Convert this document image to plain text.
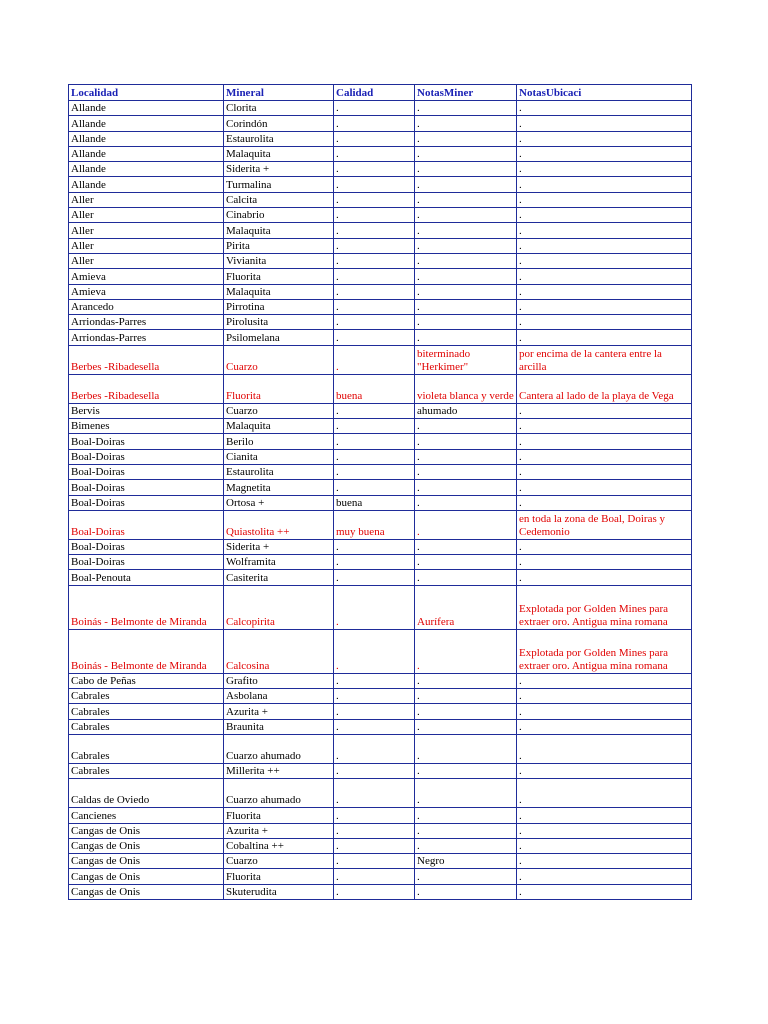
Localidad	Mineral	Calidad	NotasMiner	NotasUbicaci
Allande	Clorita	.	.	.
Allande	Corindón	.	.	.
Allande	Estaurolita	.	.	.
Allande	Malaquita	.	.	.
Allande	Siderita +	.	.	.
Allande	Turmalina	.	.	.
Aller	Calcita	.	.	.
Aller	Cinabrio	.	.	.
Aller	Malaquita	.	.	.
Aller	Pirita	.	.	.
Aller	Vivianita	.	.	.
Amieva	Fluorita	.	.	.
Amieva	Malaquita	.	.	.
Arancedo	Pirrotina	.	.	.
Arriondas-Parres	Pirolusita	.	.	.
Arriondas-Parres	Psilomelana	.	.	.
Berbes -Ribadesella	Cuarzo	.	biterminado "Herkimer"	por encima de la cantera entre la arcilla
Berbes -Ribadesella	Fluorita	buena	violeta blanca y verde	Cantera al lado de la playa de Vega
Bervis	Cuarzo	.	ahumado	.
Bimenes	Malaquita	.	.	.
Boal-Doiras	Berilo	.	.	.
Boal-Doiras	Cianita	.	.	.
Boal-Doiras	Estaurolita	.	.	.
Boal-Doiras	Magnetita	.	.	.
Boal-Doiras	Ortosa +	buena	.	.
Boal-Doiras	Quiastolita ++	muy buena	.	en toda la zona de Boal, Doiras y Cedemonio
Boal-Doiras	Siderita +	.	.	.
Boal-Doiras	Wolframita	.	.	.
Boal-Penouta	Casiterita	.	.	.
Boinás - Belmonte de Miranda	Calcopirita	.	Aurífera	Explotada por Golden Mines para extraer oro. Antigua mina romana
Boinás - Belmonte de Miranda	Calcosina	.	.	Explotada por Golden Mines para extraer oro. Antigua mina romana
Cabo de Peñas	Grafito	.	.	.
Cabrales	Asbolana	.	.	.
Cabrales	Azurita +	.	.	.
Cabrales	Braunita	.	.	.
Cabrales	Cuarzo ahumado	.	.	.
Cabrales	Millerita ++	.	.	.
Caldas de Oviedo	Cuarzo ahumado	.	.	.
Cancienes	Fluorita	.	.	.
Cangas de Onis	Azurita +	.	.	.
Cangas de Onis	Cobaltina ++	.	.	.
Cangas de Onis	Cuarzo	.	Negro	.
Cangas de Onis	Fluorita	.	.	.
Cangas de Onis	Skuterudita	.	.	.
